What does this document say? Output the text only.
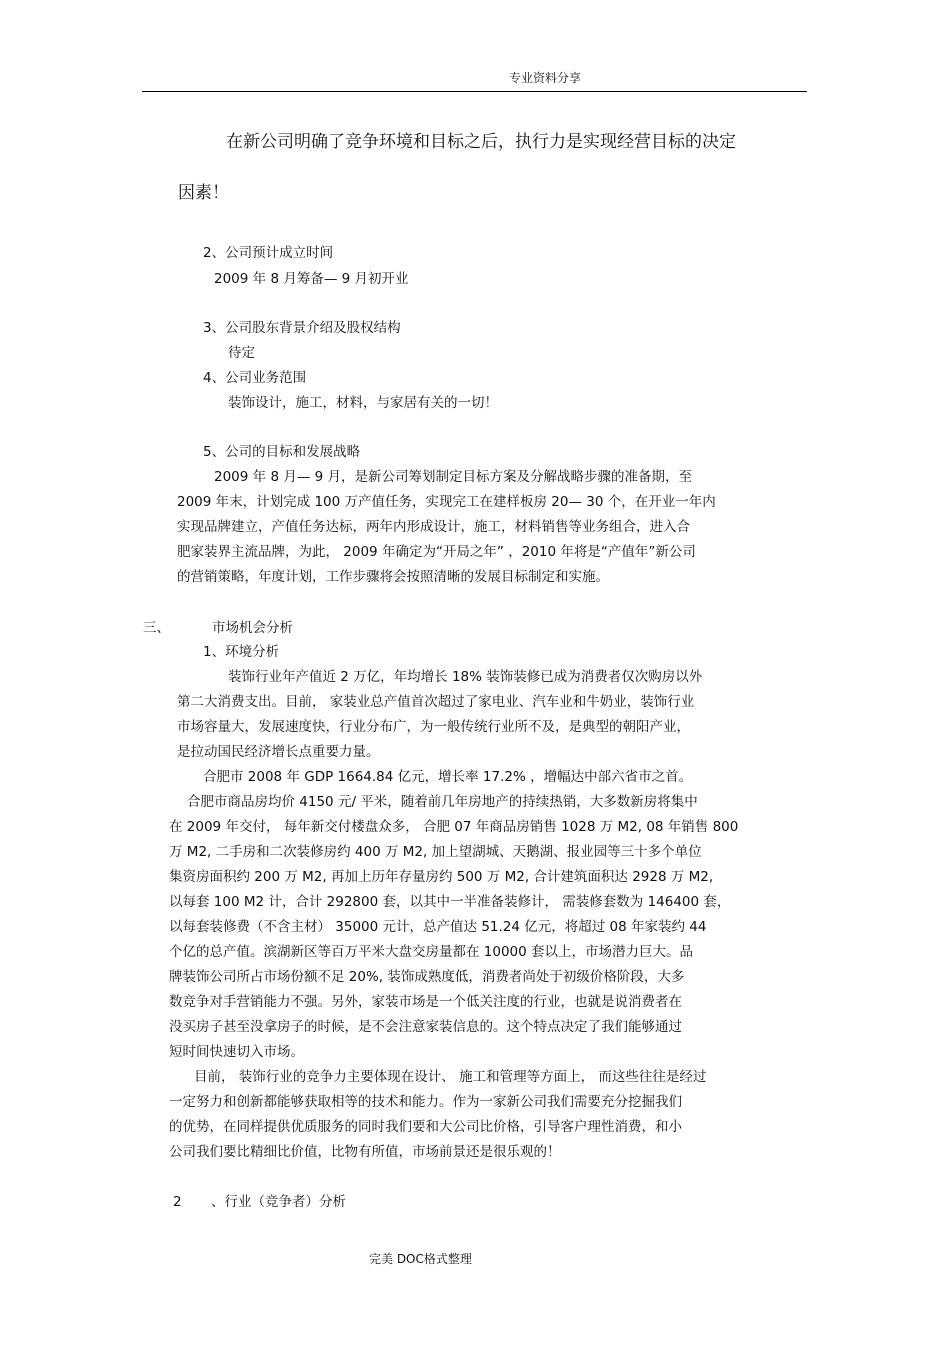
专业资料分享
在新公司明确了竞争环境和目标之后，执行力是实现经营目标的决定
因素！
2、公司预计成立时间
2009 年 8 月筹备— 9 月初开业
3、公司股东背景介绍及股权结构
待定
4、公司业务范围
装饰设计，施工，材料，与家居有关的一切！
5、公司的目标和发展战略
2009 年 8 月— 9 月，是新公司筹划制定目标方案及分解战略步骤的准备期，至
2009 年末，计划完成 100 万产值任务，实现完工在建样板房 20— 30 个，在开业一年内
实现品牌建立，产值任务达标，两年内形成设计，施工，材料销售等业务组合，进入合
肥家装界主流品牌，为此， 2009 年确定为“开局之年” ，2010 年将是“产值年”新公司
的营销策略，年度计划，工作步骤将会按照清晰的发展目标制定和实施。
三、	市场机会分析
1、环境分析
装饰行业年产值近 2 万亿，年均增长 18% 装饰装修已成为消费者仅次购房以外
第二大消费支出。目前， 家装业总产值首次超过了家电业、汽车业和牛奶业，装饰行业
市场容量大，发展速度快，行业分布广，为一般传统行业所不及，是典型的朝阳产业，
是拉动国民经济增长点重要力量。
合肥市 2008 年 GDP 1664.84 亿元，增长率 17.2% ，增幅达中部六省市之首。
合肥市商品房均价 4150 元/ 平米，随着前几年房地产的持续热销，大多数新房将集中
在 2009 年交付， 每年新交付楼盘众多， 合肥 07 年商品房销售 1028 万 M2, 08 年销售 800
万 M2, 二手房和二次装修房约 400 万 M2, 加上望湖城、天鹅湖、报业园等三十多个单位
集资房面积约 200 万 M2, 再加上历年存量房约 500 万 M2, 合计建筑面积达 2928 万 M2,
以每套 100 M2 计，合计 292800 套，以其中一半准备装修计， 需装修套数为 146400 套，
以每套装修费（不含主材） 35000 元计，总产值达 51.24 亿元，将超过 08 年家装约 44
个亿的总产值。滨湖新区等百万平米大盘交房量都在 10000 套以上，市场潜力巨大。品
牌装饰公司所占市场份额不足 20%, 装饰成熟度低，消费者尚处于初级价格阶段，大多
数竞争对手营销能力不强。另外，家装市场是一个低关注度的行业，也就是说消费者在
没买房子甚至没拿房子的时候，是不会注意家装信息的。这个特点决定了我们能够通过
短时间快速切入市场。
目前， 装饰行业的竞争力主要体现在设计、 施工和管理等方面上， 而这些往往是经过
一定努力和创新都能够获取相等的技术和能力。作为一家新公司我们需要充分挖掘我们
的优势，在同样提供优质服务的同时我们要和大公司比价格，引导客户理性消费，和小
公司我们要比精细比价值，比物有所值，市场前景还是很乐观的！
2 、行业（竞争者）分析
完美 DOC格式整理
